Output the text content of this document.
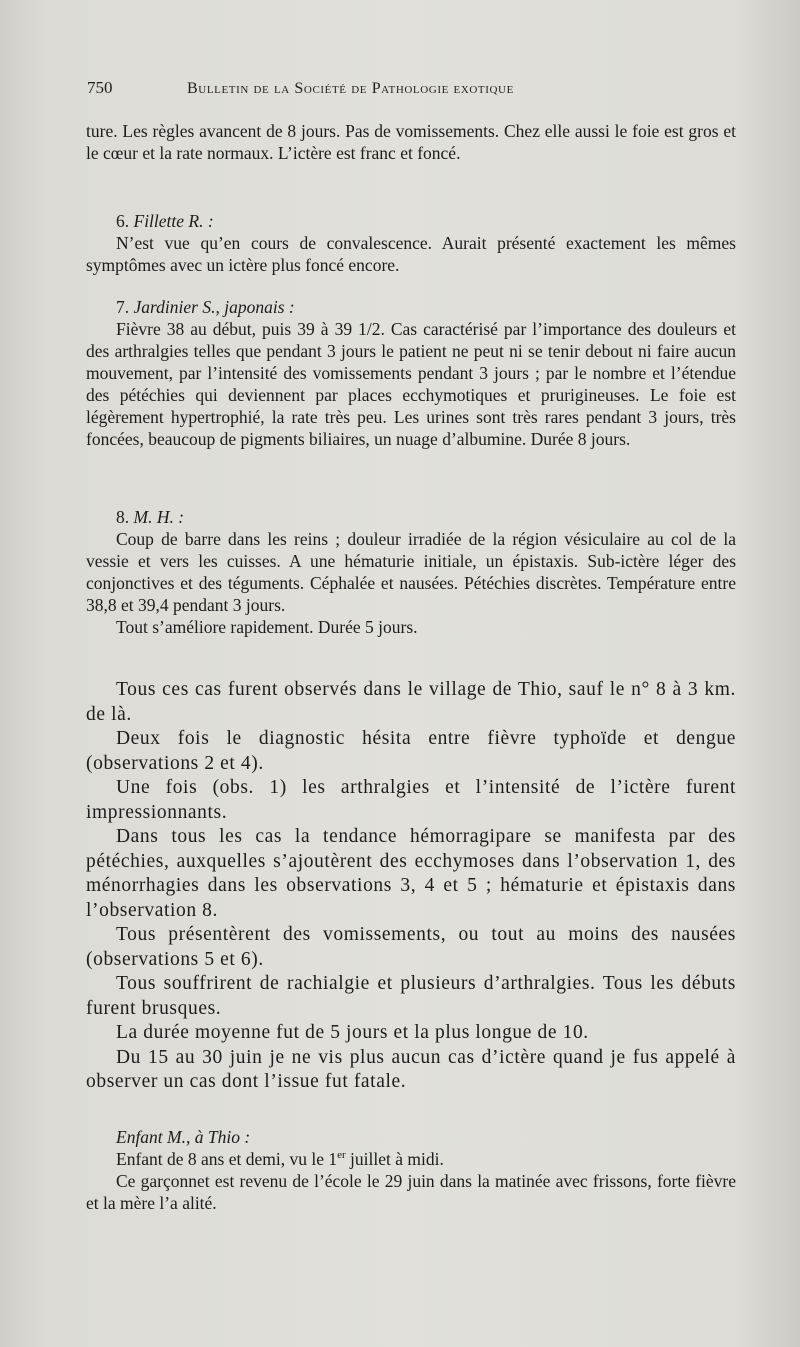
750	Bulletin de la Société de Pathologie exotique

ture. Les règles avancent de 8 jours. Pas de vomissements. Chez elle aussi le foie est gros et le cœur et la rate normaux. L’ictère est franc et foncé.

6. Fillette R. :

N’est vue qu’en cours de convalescence. Aurait présenté exactement les mêmes symptômes avec un ictère plus foncé encore.

7. Jardinier S., japonais :

Fièvre 38 au début, puis 39 à 39 1/2. Cas caractérisé par l’importance des douleurs et des arthralgies telles que pendant 3 jours le patient ne peut ni se tenir debout ni faire aucun mouvement, par l’intensité des vomissements pendant 3 jours ; par le nombre et l’étendue des pétéchies qui deviennent par places ecchymotiques et prurigineuses. Le foie est légèrement hypertrophié, la rate très peu. Les urines sont très rares pendant 3 jours, très foncées, beaucoup de pigments biliaires, un nuage d’albumine. Durée 8 jours.

8. M. H. :

Coup de barre dans les reins ; douleur irradiée de la région vésiculaire au col de la vessie et vers les cuisses. A une hématurie initiale, un épistaxis. Sub-ictère léger des conjonctives et des téguments. Céphalée et nausées. Pétéchies discrètes. Température entre 38,8 et 39,4 pendant 3 jours.

Tout s’améliore rapidement. Durée 5 jours.

Tous ces cas furent observés dans le village de Thio, sauf le n° 8 à 3 km. de là.

Deux fois le diagnostic hésita entre fièvre typhoïde et dengue (observations 2 et 4).

Une fois (obs. 1) les arthralgies et l’intensité de l’ictère furent impressionnants.

Dans tous les cas la tendance hémorragipare se manifesta par des pétéchies, auxquelles s’ajoutèrent des ecchymoses dans l’observation 1, des ménorrhagies dans les observations 3, 4 et 5 ; hématurie et épistaxis dans l’observation 8.

Tous présentèrent des vomissements, ou tout au moins des nausées (observations 5 et 6).

Tous souffrirent de rachialgie et plusieurs d’arthralgies. Tous les débuts furent brusques.

La durée moyenne fut de 5 jours et la plus longue de 10.

Du 15 au 30 juin je ne vis plus aucun cas d’ictère quand je fus appelé à observer un cas dont l’issue fut fatale.

Enfant M., à Thio :

Enfant de 8 ans et demi, vu le 1er juillet à midi.

Ce garçonnet est revenu de l’école le 29 juin dans la matinée avec frissons, forte fièvre et la mère l’a alité.
